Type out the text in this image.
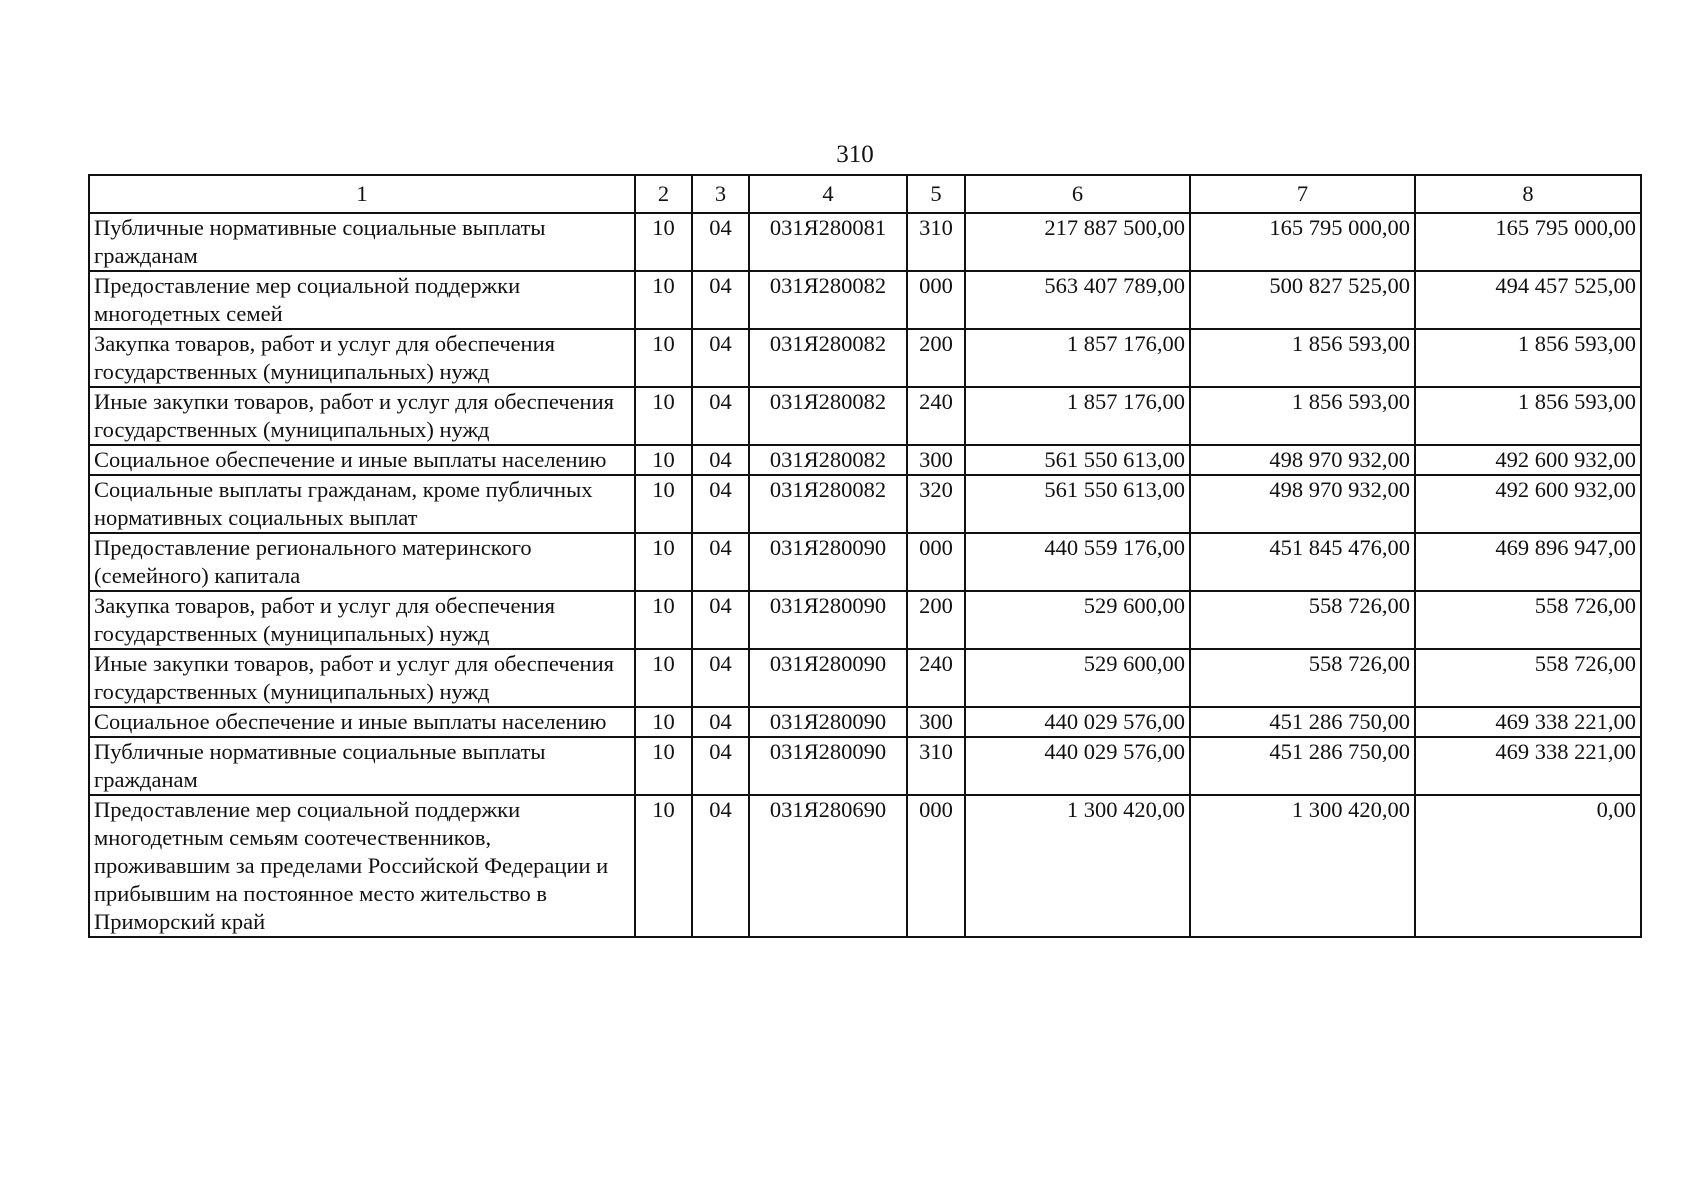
310
1	2	3	4	5	6	7	8
Публичные нормативные социальные выплаты гражданам	10	04	031Я280081	310	217 887 500,00	165 795 000,00	165 795 000,00
Предоставление мер социальной поддержки многодетных семей	10	04	031Я280082	000	563 407 789,00	500 827 525,00	494 457 525,00
Закупка товаров, работ и услуг для обеспечения государственных (муниципальных) нужд	10	04	031Я280082	200	1 857 176,00	1 856 593,00	1 856 593,00
Иные закупки товаров, работ и услуг для обеспечения государственных (муниципальных) нужд	10	04	031Я280082	240	1 857 176,00	1 856 593,00	1 856 593,00
Социальное обеспечение и иные выплаты населению	10	04	031Я280082	300	561 550 613,00	498 970 932,00	492 600 932,00
Социальные выплаты гражданам, кроме публичных нормативных социальных выплат	10	04	031Я280082	320	561 550 613,00	498 970 932,00	492 600 932,00
Предоставление регионального материнского (семейного) капитала	10	04	031Я280090	000	440 559 176,00	451 845 476,00	469 896 947,00
Закупка товаров, работ и услуг для обеспечения государственных (муниципальных) нужд	10	04	031Я280090	200	529 600,00	558 726,00	558 726,00
Иные закупки товаров, работ и услуг для обеспечения государственных (муниципальных) нужд	10	04	031Я280090	240	529 600,00	558 726,00	558 726,00
Социальное обеспечение и иные выплаты населению	10	04	031Я280090	300	440 029 576,00	451 286 750,00	469 338 221,00
Публичные нормативные социальные выплаты гражданам	10	04	031Я280090	310	440 029 576,00	451 286 750,00	469 338 221,00
Предоставление мер социальной поддержки многодетным семьям соотечественников, проживавшим за пределами Российской Федерации и прибывшим на постоянное место жительство в Приморский край	10	04	031Я280690	000	1 300 420,00	1 300 420,00	0,00
